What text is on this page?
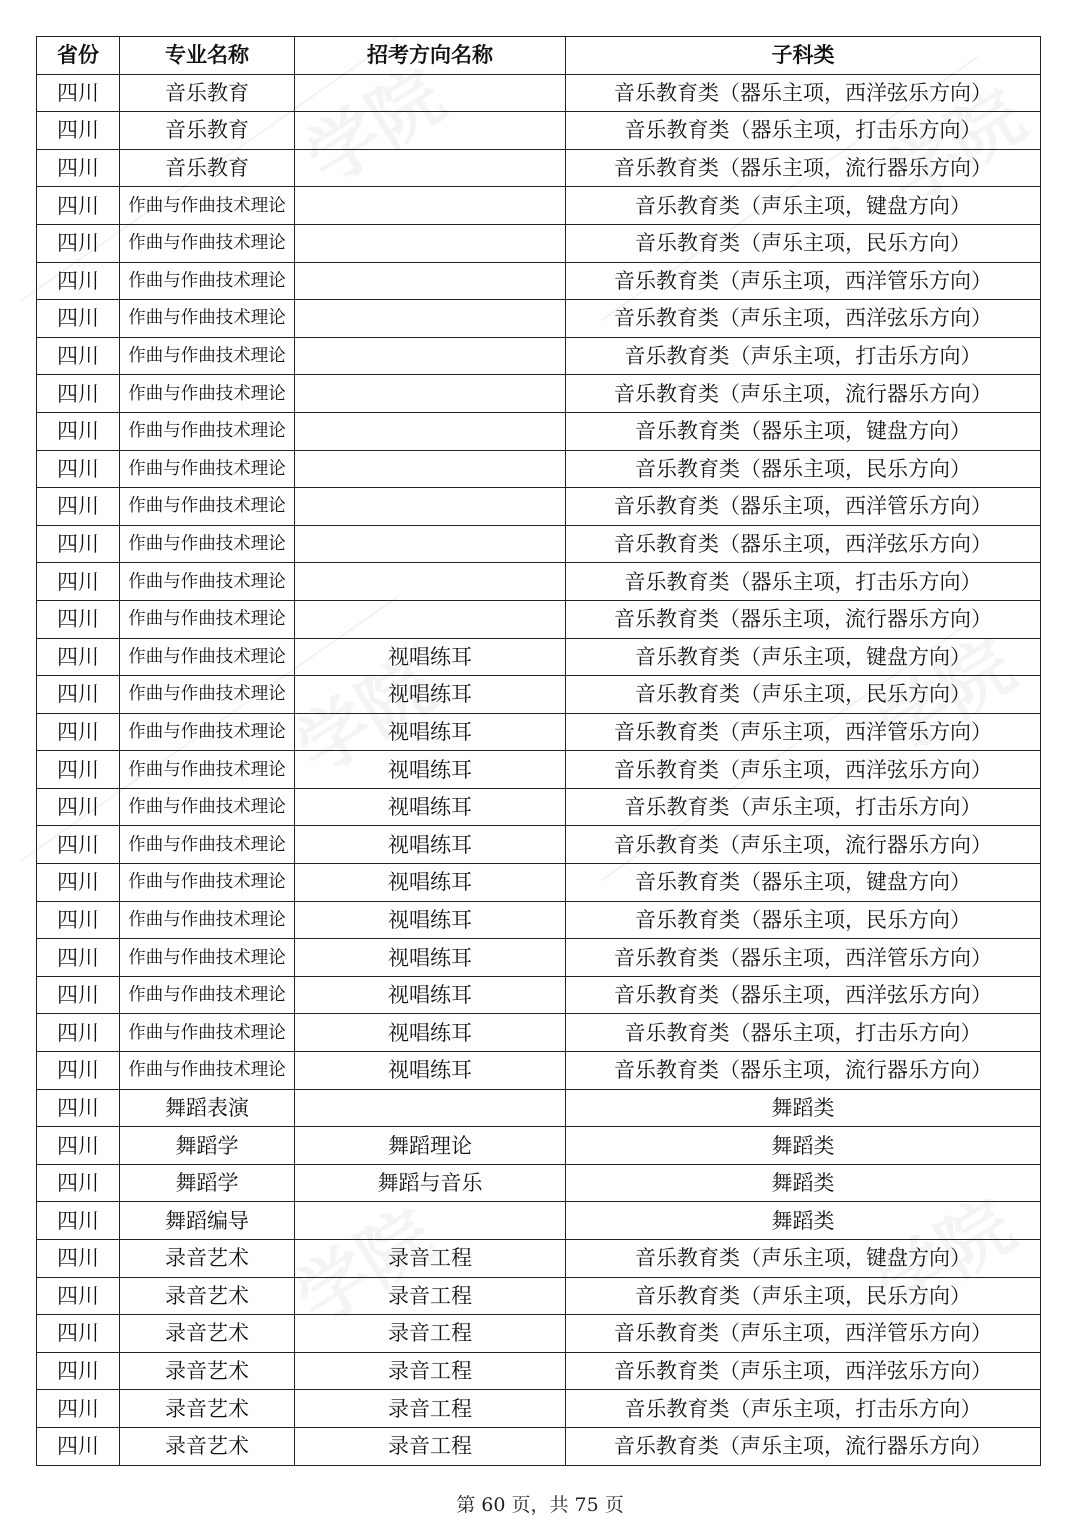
省份	专业名称	招考方向名称	子科类
四川	音乐教育		音乐教育类（器乐主项，西洋弦乐方向）
四川	音乐教育		音乐教育类（器乐主项，打击乐方向）
四川	音乐教育		音乐教育类（器乐主项，流行器乐方向）
四川	作曲与作曲技术理论		音乐教育类（声乐主项，键盘方向）
四川	作曲与作曲技术理论		音乐教育类（声乐主项，民乐方向）
四川	作曲与作曲技术理论		音乐教育类（声乐主项，西洋管乐方向）
四川	作曲与作曲技术理论		音乐教育类（声乐主项，西洋弦乐方向）
四川	作曲与作曲技术理论		音乐教育类（声乐主项，打击乐方向）
四川	作曲与作曲技术理论		音乐教育类（声乐主项，流行器乐方向）
四川	作曲与作曲技术理论		音乐教育类（器乐主项，键盘方向）
四川	作曲与作曲技术理论		音乐教育类（器乐主项，民乐方向）
四川	作曲与作曲技术理论		音乐教育类（器乐主项，西洋管乐方向）
四川	作曲与作曲技术理论		音乐教育类（器乐主项，西洋弦乐方向）
四川	作曲与作曲技术理论		音乐教育类（器乐主项，打击乐方向）
四川	作曲与作曲技术理论		音乐教育类（器乐主项，流行器乐方向）
四川	作曲与作曲技术理论	视唱练耳	音乐教育类（声乐主项，键盘方向）
四川	作曲与作曲技术理论	视唱练耳	音乐教育类（声乐主项，民乐方向）
四川	作曲与作曲技术理论	视唱练耳	音乐教育类（声乐主项，西洋管乐方向）
四川	作曲与作曲技术理论	视唱练耳	音乐教育类（声乐主项，西洋弦乐方向）
四川	作曲与作曲技术理论	视唱练耳	音乐教育类（声乐主项，打击乐方向）
四川	作曲与作曲技术理论	视唱练耳	音乐教育类（声乐主项，流行器乐方向）
四川	作曲与作曲技术理论	视唱练耳	音乐教育类（器乐主项，键盘方向）
四川	作曲与作曲技术理论	视唱练耳	音乐教育类（器乐主项，民乐方向）
四川	作曲与作曲技术理论	视唱练耳	音乐教育类（器乐主项，西洋管乐方向）
四川	作曲与作曲技术理论	视唱练耳	音乐教育类（器乐主项，西洋弦乐方向）
四川	作曲与作曲技术理论	视唱练耳	音乐教育类（器乐主项，打击乐方向）
四川	作曲与作曲技术理论	视唱练耳	音乐教育类（器乐主项，流行器乐方向）
四川	舞蹈表演		舞蹈类
四川	舞蹈学	舞蹈理论	舞蹈类
四川	舞蹈学	舞蹈与音乐	舞蹈类
四川	舞蹈编导		舞蹈类
四川	录音艺术	录音工程	音乐教育类（声乐主项，键盘方向）
四川	录音艺术	录音工程	音乐教育类（声乐主项，民乐方向）
四川	录音艺术	录音工程	音乐教育类（声乐主项，西洋管乐方向）
四川	录音艺术	录音工程	音乐教育类（声乐主项，西洋弦乐方向）
四川	录音艺术	录音工程	音乐教育类（声乐主项，打击乐方向）
四川	录音艺术	录音工程	音乐教育类（声乐主项，流行器乐方向）
第 60 页，共 75 页
